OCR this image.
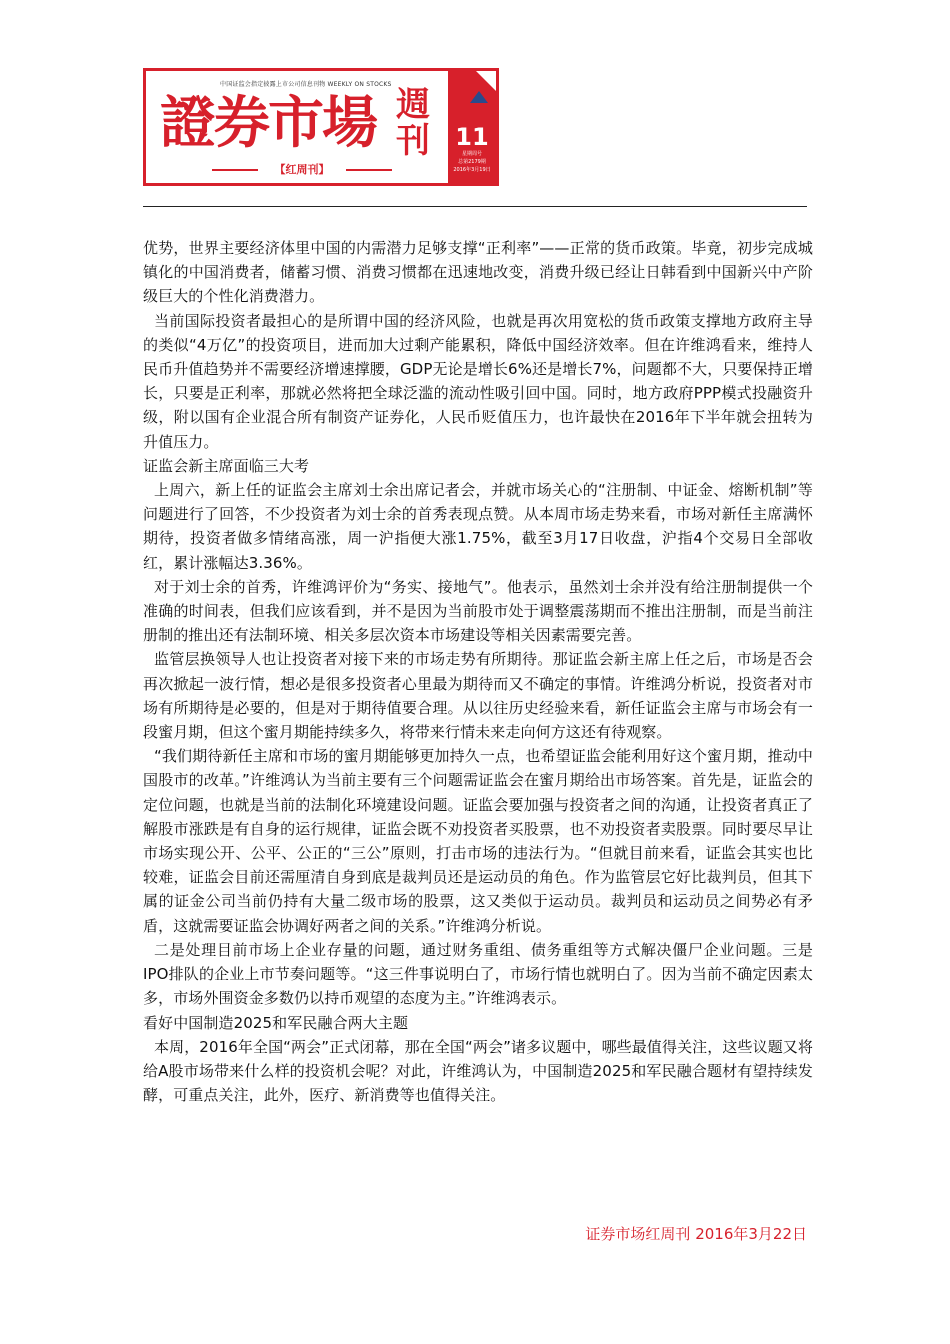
中国证监会指定披露上市公司信息刊物 WEEKLY ON STOCKS
證券市場 週刊
【红周刊】
11
星期周号
总第2179期
2016年3月19日

优势，世界主要经济体里中国的内需潜力足够支撑“正利率”——正常的货币政策。毕竟，初步完成城镇化的中国消费者，储蓄习惯、消费习惯都在迅速地改变，消费升级已经让日韩看到中国新兴中产阶级巨大的个性化消费潜力。

当前国际投资者最担心的是所谓中国的经济风险，也就是再次用宽松的货币政策支撑地方政府主导的类似“4万亿”的投资项目，进而加大过剩产能累积，降低中国经济效率。但在许维鸿看来，维持人民币升值趋势并不需要经济增速撑腰，GDP无论是增长6%还是增长7%，问题都不大，只要保持正增长，只要是正利率，那就必然将把全球泛滥的流动性吸引回中国。同时，地方政府PPP模式投融资升级，附以国有企业混合所有制资产证券化，人民币贬值压力，也许最快在2016年下半年就会扭转为升值压力。

证监会新主席面临三大考

上周六，新上任的证监会主席刘士余出席记者会，并就市场关心的“注册制、中证金、熔断机制”等问题进行了回答，不少投资者为刘士余的首秀表现点赞。从本周市场走势来看，市场对新任主席满怀期待，投资者做多情绪高涨，周一沪指便大涨1.75%，截至3月17日收盘，沪指4个交易日全部收红，累计涨幅达3.36%。

对于刘士余的首秀，许维鸿评价为“务实、接地气”。他表示，虽然刘士余并没有给注册制提供一个准确的时间表，但我们应该看到，并不是因为当前股市处于调整震荡期而不推出注册制，而是当前注册制的推出还有法制环境、相关多层次资本市场建设等相关因素需要完善。

监管层换领导人也让投资者对接下来的市场走势有所期待。那证监会新主席上任之后，市场是否会再次掀起一波行情，想必是很多投资者心里最为期待而又不确定的事情。许维鸿分析说，投资者对市场有所期待是必要的，但是对于期待值要合理。从以往历史经验来看，新任证监会主席与市场会有一段蜜月期，但这个蜜月期能持续多久，将带来行情未来走向何方这还有待观察。

“我们期待新任主席和市场的蜜月期能够更加持久一点，也希望证监会能利用好这个蜜月期，推动中国股市的改革。”许维鸿认为当前主要有三个问题需证监会在蜜月期给出市场答案。首先是，证监会的定位问题，也就是当前的法制化环境建设问题。证监会要加强与投资者之间的沟通，让投资者真正了解股市涨跌是有自身的运行规律，证监会既不劝投资者买股票，也不劝投资者卖股票。同时要尽早让市场实现公开、公平、公正的“三公”原则，打击市场的违法行为。“但就目前来看，证监会其实也比较难，证监会目前还需厘清自身到底是裁判员还是运动员的角色。作为监管层它好比裁判员，但其下属的证金公司当前仍持有大量二级市场的股票，这又类似于运动员。裁判员和运动员之间势必有矛盾，这就需要证监会协调好两者之间的关系。”许维鸿分析说。

二是处理目前市场上企业存量的问题，通过财务重组、债务重组等方式解决僵尸企业问题。三是IPO排队的企业上市节奏问题等。“这三件事说明白了，市场行情也就明白了。因为当前不确定因素太多，市场外围资金多数仍以持币观望的态度为主。”许维鸿表示。

看好中国制造2025和军民融合两大主题

本周，2016年全国“两会”正式闭幕，那在全国“两会”诸多议题中，哪些最值得关注，这些议题又将给A股市场带来什么样的投资机会呢？对此，许维鸿认为，中国制造2025和军民融合题材有望持续发酵，可重点关注，此外，医疗、新消费等也值得关注。

证券市场红周刊 2016年3月22日
